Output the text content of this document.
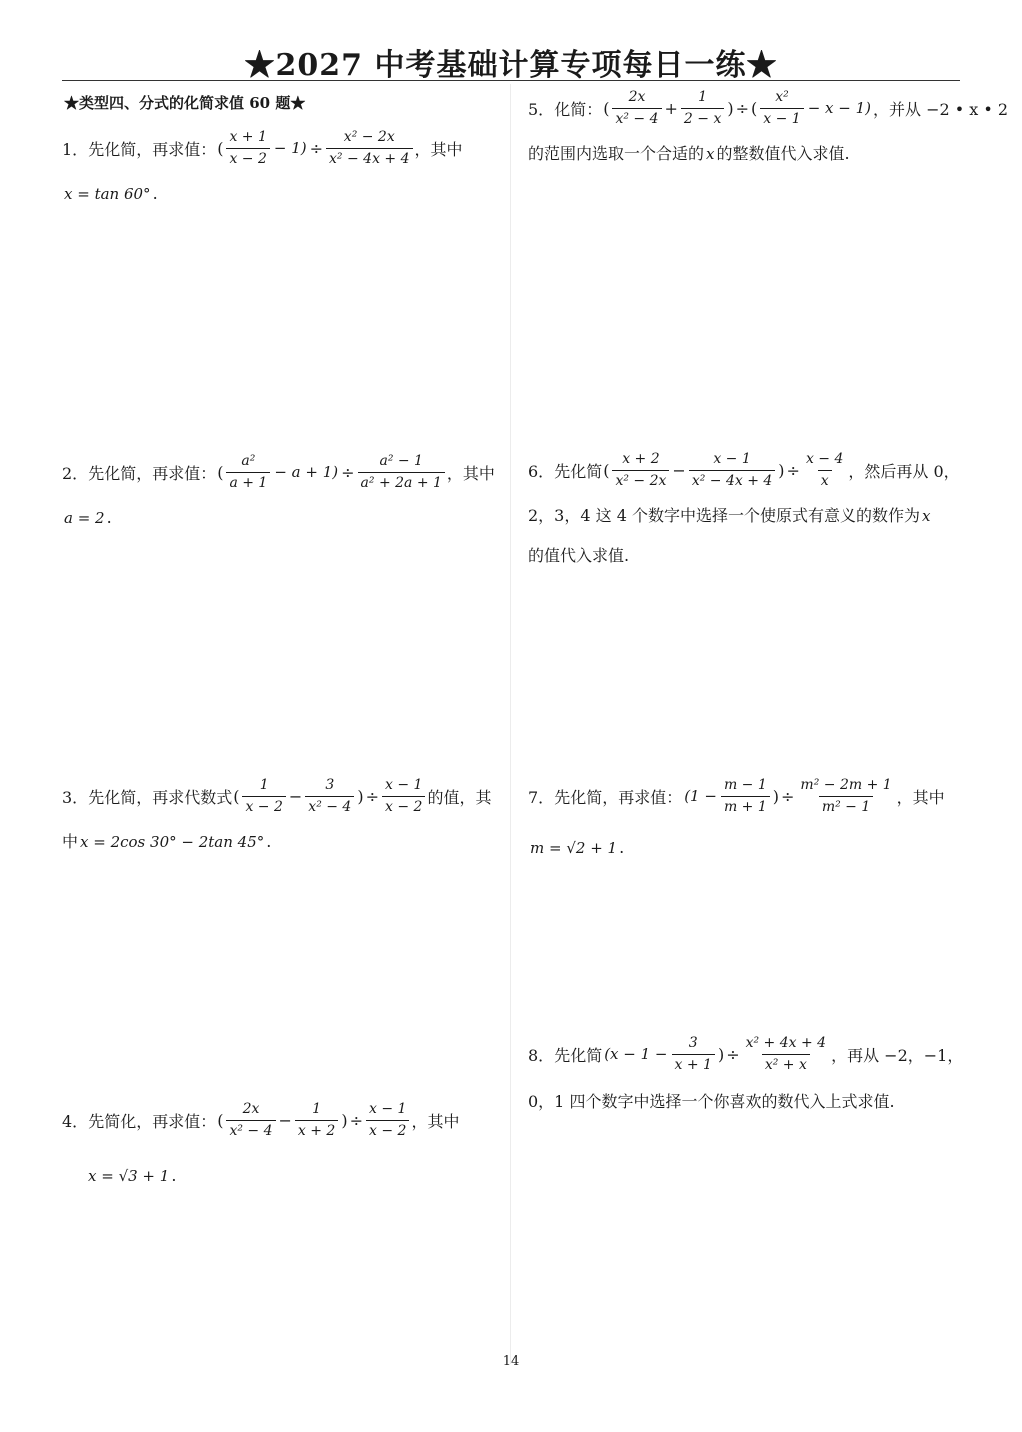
★2027 中考基础计算专项每日一练★
★类型四、分式的化简求值 60 题★
1． 先化简，再求值： ( $\frac{x + 1}{x - 2} - 1) \div \frac{\text{x² − 2x}}{\text{x² − 4x + 4}}$ ，其中
x = tan 60° .
2． 先化简，再求值： ( $\frac{\text{a²}}{a + 1} - a + 1) \div \frac{\text{a² − 1}}{\text{a² + 2a + 1}}$ ，其中
a = 2 .
3． 先化简，再求代数式 ( $\frac{1}{x - 2} - \frac{3}{\text{x² − 4}}$ ) ÷ $\frac{x - 1}{x - 2}$ 的值，其
中 x = 2cos 30° − 2tan 45° .
4． 先简化，再求值： ( $\frac{2x}{\text{x² − 4}} - \frac{1}{x + 2}$ ) ÷ $\frac{x - 1}{x - 2}$ ，其中
x = √3 + 1 .
5． 化简： ( $\frac{2x}{\text{x² − 4}} + \frac{1}{2 - x}$ ) ÷ ( $\frac{\text{x²}}{x - 1} - x - 1$) ，并从 −2 • x • 2
的范围内选取一个合适的 x 的整数值代入求值.
6． 先化简 ( $\frac{x + 2}{\text{x² − 2x}} - \frac{x - 1}{\text{x² − 4x + 4}}$ ) ÷ $\frac{x - 4}{x}$ ，然后再从 0，
2，3，4 这 4 个数字中选择一个使原式有意义的数作为 x
的值代入求值.
7． 先化简，再求值： ($1 - \frac{m - 1}{m + 1}$ ) ÷ $\frac{\text{m² − 2m + 1}}{\text{m² − 1}}$ ，其中
m = √2 + 1 .
8． 先化简 ($x - 1 - \frac{3}{x + 1}$ ) ÷ $\frac{\text{x² + 4x + 4}}{\text{x² + x}}$ ，再从 −2，−1，
0，1 四个数字中选择一个你喜欢的数代入上式求值.
14
